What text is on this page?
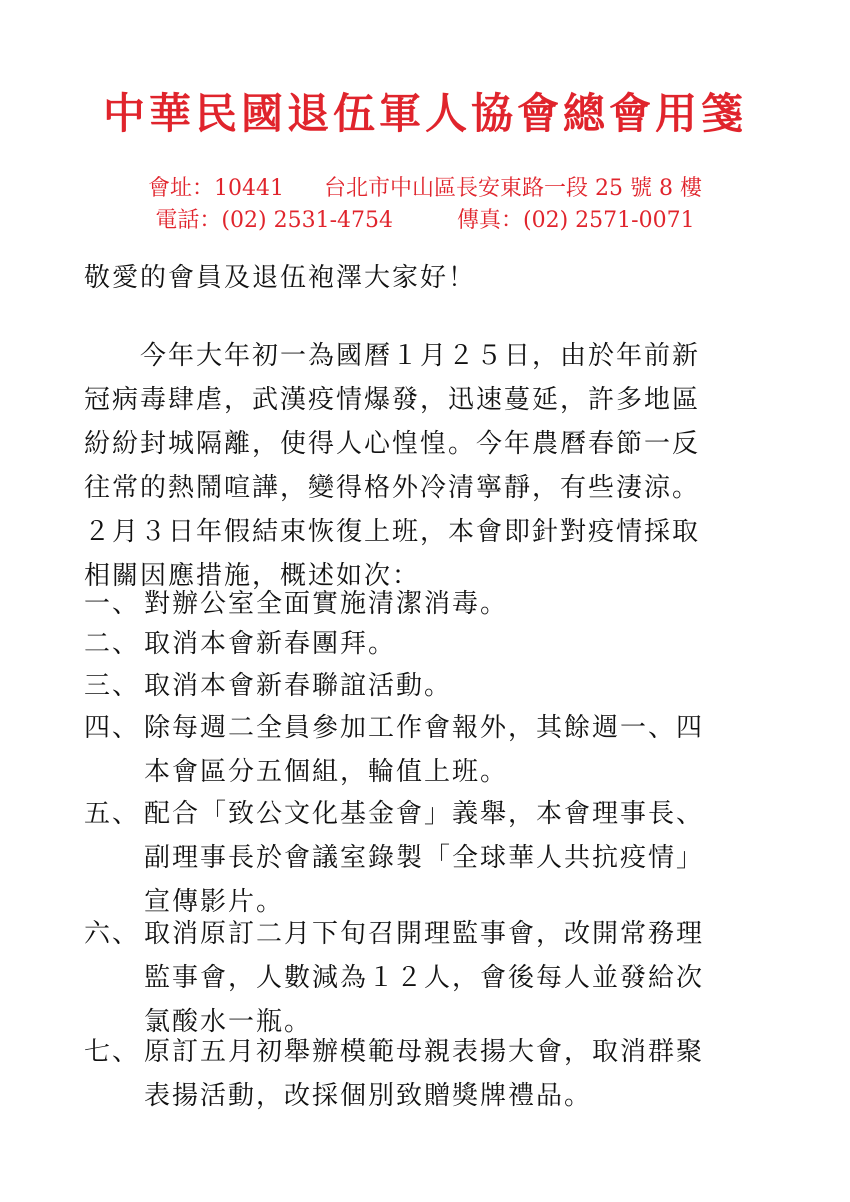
中華民國退伍軍人協會總會用箋
會址：10441 台北市中山區長安東路一段 25 號 8 樓
電話：(02) 2531-4754	傳真：(02) 2571-0071
敬愛的會員及退伍袍澤大家好！
　　今年大年初一為國曆１月２５日，由於年前新
冠病毒肆虐，武漢疫情爆發，迅速蔓延，許多地區
紛紛封城隔離，使得人心惶惶。今年農曆春節一反
往常的熱鬧喧譁，變得格外冷清寧靜，有些淒涼。
２月３日年假結束恢復上班，本會即針對疫情採取
相關因應措施，概述如次：
一、 對辦公室全面實施清潔消毒。
二、 取消本會新春團拜。
三、 取消本會新春聯誼活動。
四、 除每週二全員參加工作會報外，其餘週一、四
本會區分五個組，輪值上班。
五、 配合「致公文化基金會」義舉，本會理事長、
副理事長於會議室錄製「全球華人共抗疫情」
宣傳影片。
六、 取消原訂二月下旬召開理監事會，改開常務理
監事會，人數減為１２人，會後每人並發給次
氯酸水一瓶。
七、 原訂五月初舉辦模範母親表揚大會，取消群聚
表揚活動，改採個別致贈獎牌禮品。
